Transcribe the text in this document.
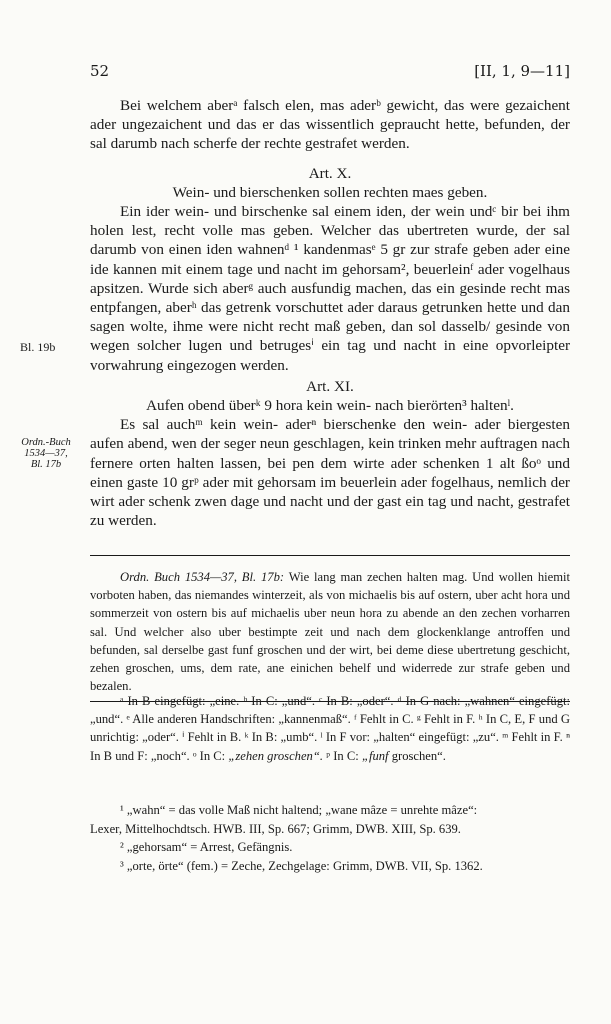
52	[II, 1, 9—11]

Bei welchem aberᵃ falsch elen, mas aderᵇ gewicht, das were gezaichent ader ungezaichent und das er das wissentlich gepraucht hette, befunden, der sal darumb nach scherfe der rechte gestrafet werden.

Art. X.

Wein- und bierschenken sollen rechten maes geben.

Ein ider wein- und birschenke sal einem iden, der wein undᶜ bir bei ihm holen lest, recht volle mas geben. Welcher das ubertreten wurde, der sal darumb von einen iden wahnenᵈ ¹ kandenmasᵉ 5 gr zur strafe geben ader eine ide kannen mit einem tage und nacht im gehorsam², beuerleinᶠ ader vogelhaus apsitzen. Wurde sich aberᵍ auch ausfundig machen, das ein gesinde recht mas entpfangen, aberʰ das getrenk vorschuttet ader daraus getrunken hette und dan sagen wolte, ihme were nicht recht maß geben, dan sol dasselb/ gesinde von wegen solcher lugen und betrugesⁱ ein tag und nacht in eine opvorleipter vorwahrung eingezogen werden.

Art. XI.

Aufen obend überᵏ 9 hora kein wein- nach bierörten³ haltenˡ.

Es sal auchᵐ kein wein- aderⁿ bierschenke den wein- ader biergesten aufen abend, wen der seger neun geschlagen, kein trinken mehr auftragen nach fernere orten halten lassen, bei pen dem wirte ader schenken 1 alt ßoᵒ und einen gaste 10 grᵖ ader mit gehorsam im beuerlein ader fogelhaus, nemlich der wirt ader schenk zwen dage und nacht und der gast ein tag und nacht, gestrafet zu werden.

Bl. 19b
Ordn.-Buch
1534—37,
Bl. 17b
Ordn. Buch 1534—37, Bl. 17b: Wie lang man zechen halten mag. Und wollen hiemit vorboten haben, das niemandes winterzeit, als von michaelis bis auf ostern, uber acht hora und sommerzeit von ostern bis auf michaelis uber neun hora zu abende an den zechen vorharren sal. Und welcher also uber bestimpte zeit und nach dem glockenklange antroffen und befunden, sal derselbe gast funf groschen und der wirt, bei deme diese ubertretung geschicht, zehen groschen, ums, dem rate, ane einichen behelf und widerrede zur strafe geben und bezalen.
ᵃ In B eingefügt: „eine. ᵇ In C: „und“. ᶜ In B: „oder“. ᵈ In G nach: „wahnen“ eingefügt: „und“. ᵉ Alle anderen Handschriften: „kannenmaß“. ᶠ Fehlt in C. ᵍ Fehlt in F. ʰ In C, E, F und G unrichtig: „oder“. ⁱ Fehlt in B. ᵏ In B: „umb“. ˡ In F vor: „halten“ eingefügt: „zu“. ᵐ Fehlt in F. ⁿ In B und F: „noch“. ᵒ In C: „zehen groschen“. ᵖ In C: „funf groschen“.
¹ „wahn“ = das volle Maß nicht haltend; „wane mâze = unrehte mâze“:
Lexer, Mittelhochdtsch. HWB. III, Sp. 667; Grimm, DWB. XIII, Sp. 639.
² „gehorsam“ = Arrest, Gefängnis.
³ „orte, örte“ (fem.) = Zeche, Zechgelage: Grimm, DWB. VII, Sp. 1362.
